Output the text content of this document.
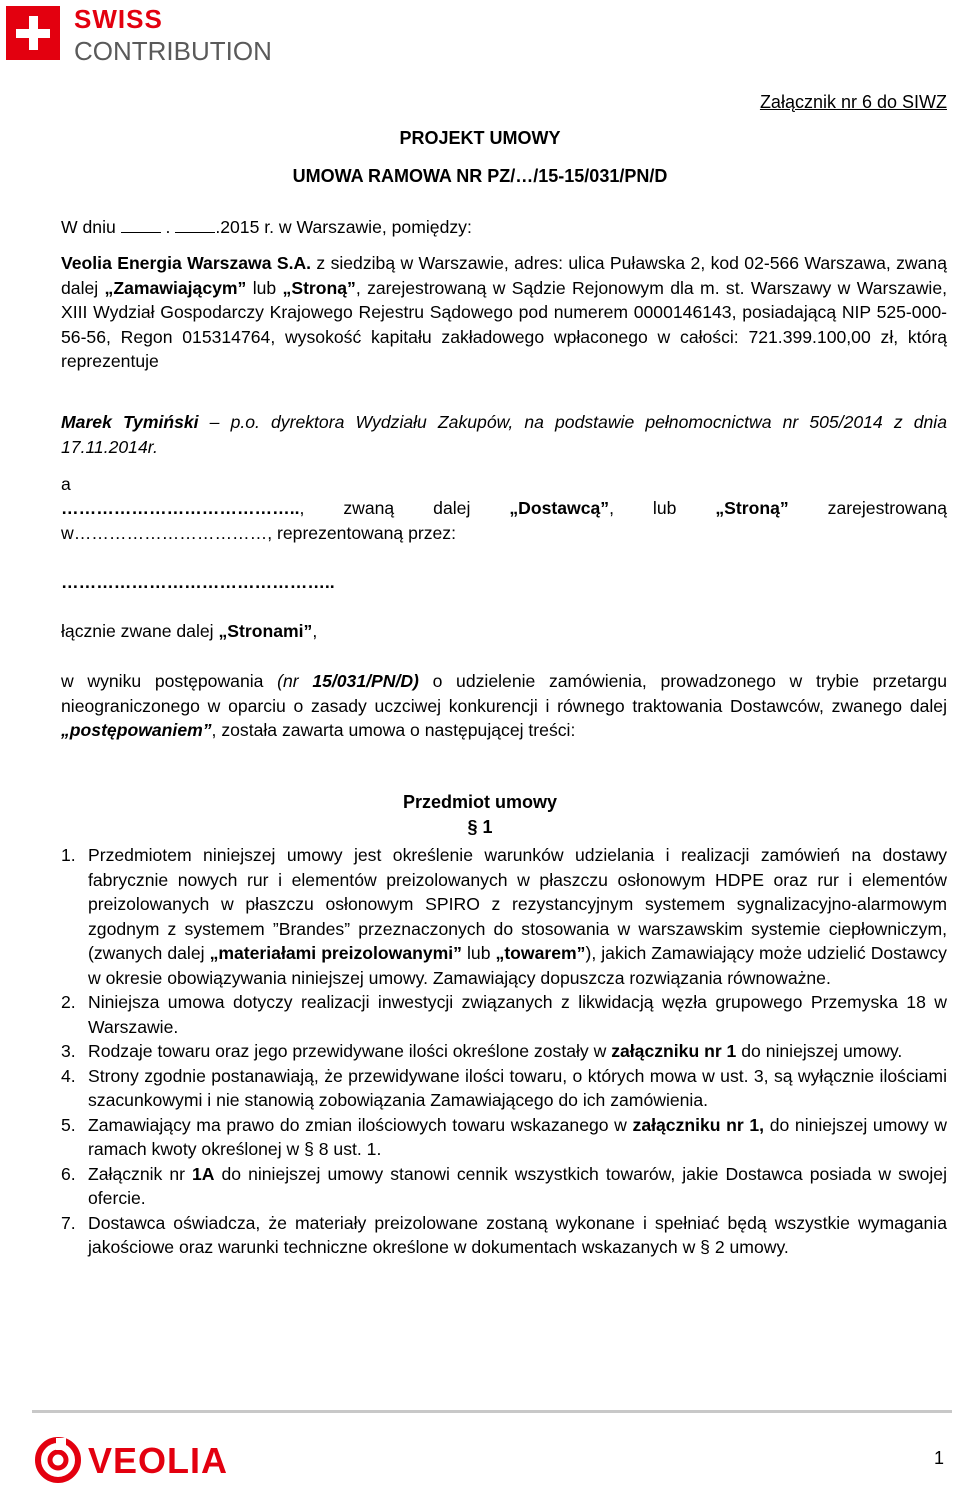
SWISS
CONTRIBUTION
Załącznik nr 6 do SIWZ
PROJEKT UMOWY
UMOWA RAMOWA NR PZ/…/15-15/031/PN/D
W dniu	.	.2015 r. w Warszawie, pomiędzy:
Veolia Energia Warszawa S.A. z siedzibą w Warszawie, adres: ulica Puławska 2, kod 02-566 Warszawa, zwaną dalej „Zamawiającym” lub „Stroną”, zarejestrowaną w Sądzie Rejonowym dla m. st. Warszawy w Warszawie, XIII Wydział Gospodarczy Krajowego Rejestru Sądowego pod numerem 0000146143, posiadającą NIP 525-000-56-56, Regon 015314764, wysokość kapitału zakładowego wpłaconego w całości: 721.399.100,00 zł, którą reprezentuje
Marek Tymiński – p.o. dyrektora Wydziału Zakupów, na podstawie pełnomocnictwa nr 505/2014 z dnia 17.11.2014r.
a
………………………………….., zwaną dalej „Dostawcą”, lub „Stroną” zarejestrowaną w……………………………, reprezentowaną przez:
………………………………………..
łącznie zwane dalej „Stronami”,
w wyniku postępowania (nr 15/031/PN/D) o udzielenie zamówienia, prowadzonego w trybie przetargu nieograniczonego w oparciu o zasady uczciwej konkurencji i równego traktowania Dostawców, zwanego dalej „postępowaniem”, została zawarta umowa o następującej treści:
Przedmiot umowy
§ 1
1. Przedmiotem niniejszej umowy jest określenie warunków udzielania i realizacji zamówień na dostawy fabrycznie nowych rur i elementów preizolowanych w płaszczu osłonowym HDPE oraz rur i elementów preizolowanych w płaszczu osłonowym SPIRO z rezystancyjnym systemem sygnalizacyjno-alarmowym zgodnym z systemem ”Brandes” przeznaczonych do stosowania w warszawskim systemie ciepłowniczym, (zwanych dalej „materiałami preizolowanymi” lub „towarem”), jakich Zamawiający może udzielić Dostawcy w okresie obowiązywania niniejszej umowy. Zamawiający dopuszcza rozwiązania równoważne.
2. Niniejsza umowa dotyczy realizacji inwestycji związanych z likwidacją węzła grupowego Przemyska 18 w Warszawie.
3. Rodzaje towaru oraz jego przewidywane ilości określone zostały w załączniku nr 1 do niniejszej umowy.
4. Strony zgodnie postanawiają, że przewidywane ilości towaru, o których mowa w ust. 3, są wyłącznie ilościami szacunkowymi i nie stanowią zobowiązania Zamawiającego do ich zamówienia.
5. Zamawiający ma prawo do zmian ilościowych towaru wskazanego w załączniku nr 1, do niniejszej umowy w ramach kwoty określonej w § 8 ust. 1.
6. Załącznik nr 1A do niniejszej umowy stanowi cennik wszystkich towarów, jakie Dostawca posiada w swojej ofercie.
7. Dostawca oświadcza, że materiały preizolowane zostaną wykonane i spełniać będą wszystkie wymagania jakościowe oraz warunki techniczne określone w dokumentach wskazanych w § 2 umowy.
VEOLIA	1
